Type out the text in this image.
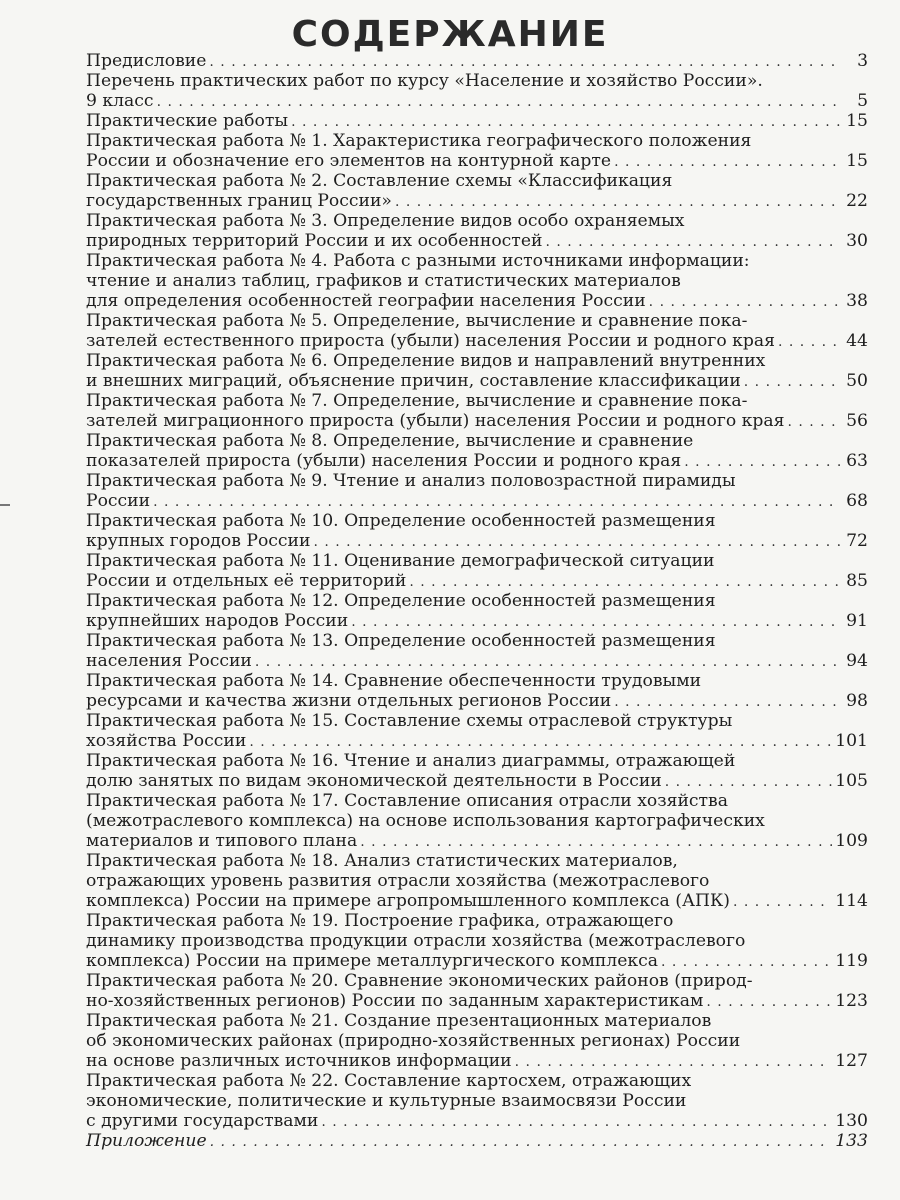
СОДЕРЖАНИЕ
Предисловие . . .	3
Перечень практических работ по курсу «Население и хозяйство России».
9 класс . . .	5
Практические работы . . .	15
Практическая работа № 1. Характеристика географического положения
России и обозначение его элементов на контурной карте . . .	15
Практическая работа № 2. Составление схемы «Классификация
государственных границ России» . . .	22
Практическая работа № 3. Определение видов особо охраняемых
природных территорий России и их особенностей . . .	30
Практическая работа № 4. Работа с разными источниками информации:
чтение и анализ таблиц, графиков и статистических материалов
для определения особенностей географии населения России . . .	38
Практическая работа № 5. Определение, вычисление и сравнение пока-
зателей естественного прироста (убыли) населения России и родного края . . .	44
Практическая работа № 6. Определение видов и направлений внутренних
и внешних миграций, объяснение причин, составление классификации . . .	50
Практическая работа № 7. Определение, вычисление и сравнение пока-
зателей миграционного прироста (убыли) населения России и родного края . . .	56
Практическая работа № 8. Определение, вычисление и сравнение
показателей прироста (убыли) населения России и родного края . . .	63
Практическая работа № 9. Чтение и анализ половозрастной пирамиды
России . . .	68
Практическая работа № 10. Определение особенностей размещения
крупных городов России . . .	72
Практическая работа № 11. Оценивание демографической ситуации
России и отдельных её территорий . . .	85
Практическая работа № 12. Определение особенностей размещения
крупнейших народов России . . .	91
Практическая работа № 13. Определение особенностей размещения
населения России . . .	94
Практическая работа № 14. Сравнение обеспеченности трудовыми
ресурсами и качества жизни отдельных регионов России . . .	98
Практическая работа № 15. Составление схемы отраслевой структуры
хозяйства России . . .	101
Практическая работа № 16. Чтение и анализ диаграммы, отражающей
долю занятых по видам экономической деятельности в России . . .	105
Практическая работа № 17. Составление описания отрасли хозяйства
(межотраслевого комплекса) на основе использования картографических
материалов и типового плана . . .	109
Практическая работа № 18. Анализ статистических материалов,
отражающих уровень развития отрасли хозяйства (межотраслевого
комплекса) России на примере агропромышленного комплекса (АПК) . . .	114
Практическая работа № 19. Построение графика, отражающего
динамику производства продукции отрасли хозяйства (межотраслевого
комплекса) России на примере металлургического комплекса . . .	119
Практическая работа № 20. Сравнение экономических районов (природ-
но-хозяйственных регионов) России по заданным характеристикам . . .	123
Практическая работа № 21. Создание презентационных материалов
об экономических районах (природно-хозяйственных регионах) России
на основе различных источников информации . . .	127
Практическая работа № 22. Составление картосхем, отражающих
экономические, политические и культурные взаимосвязи России
с другими государствами . . .	130
Приложение . . .	133
